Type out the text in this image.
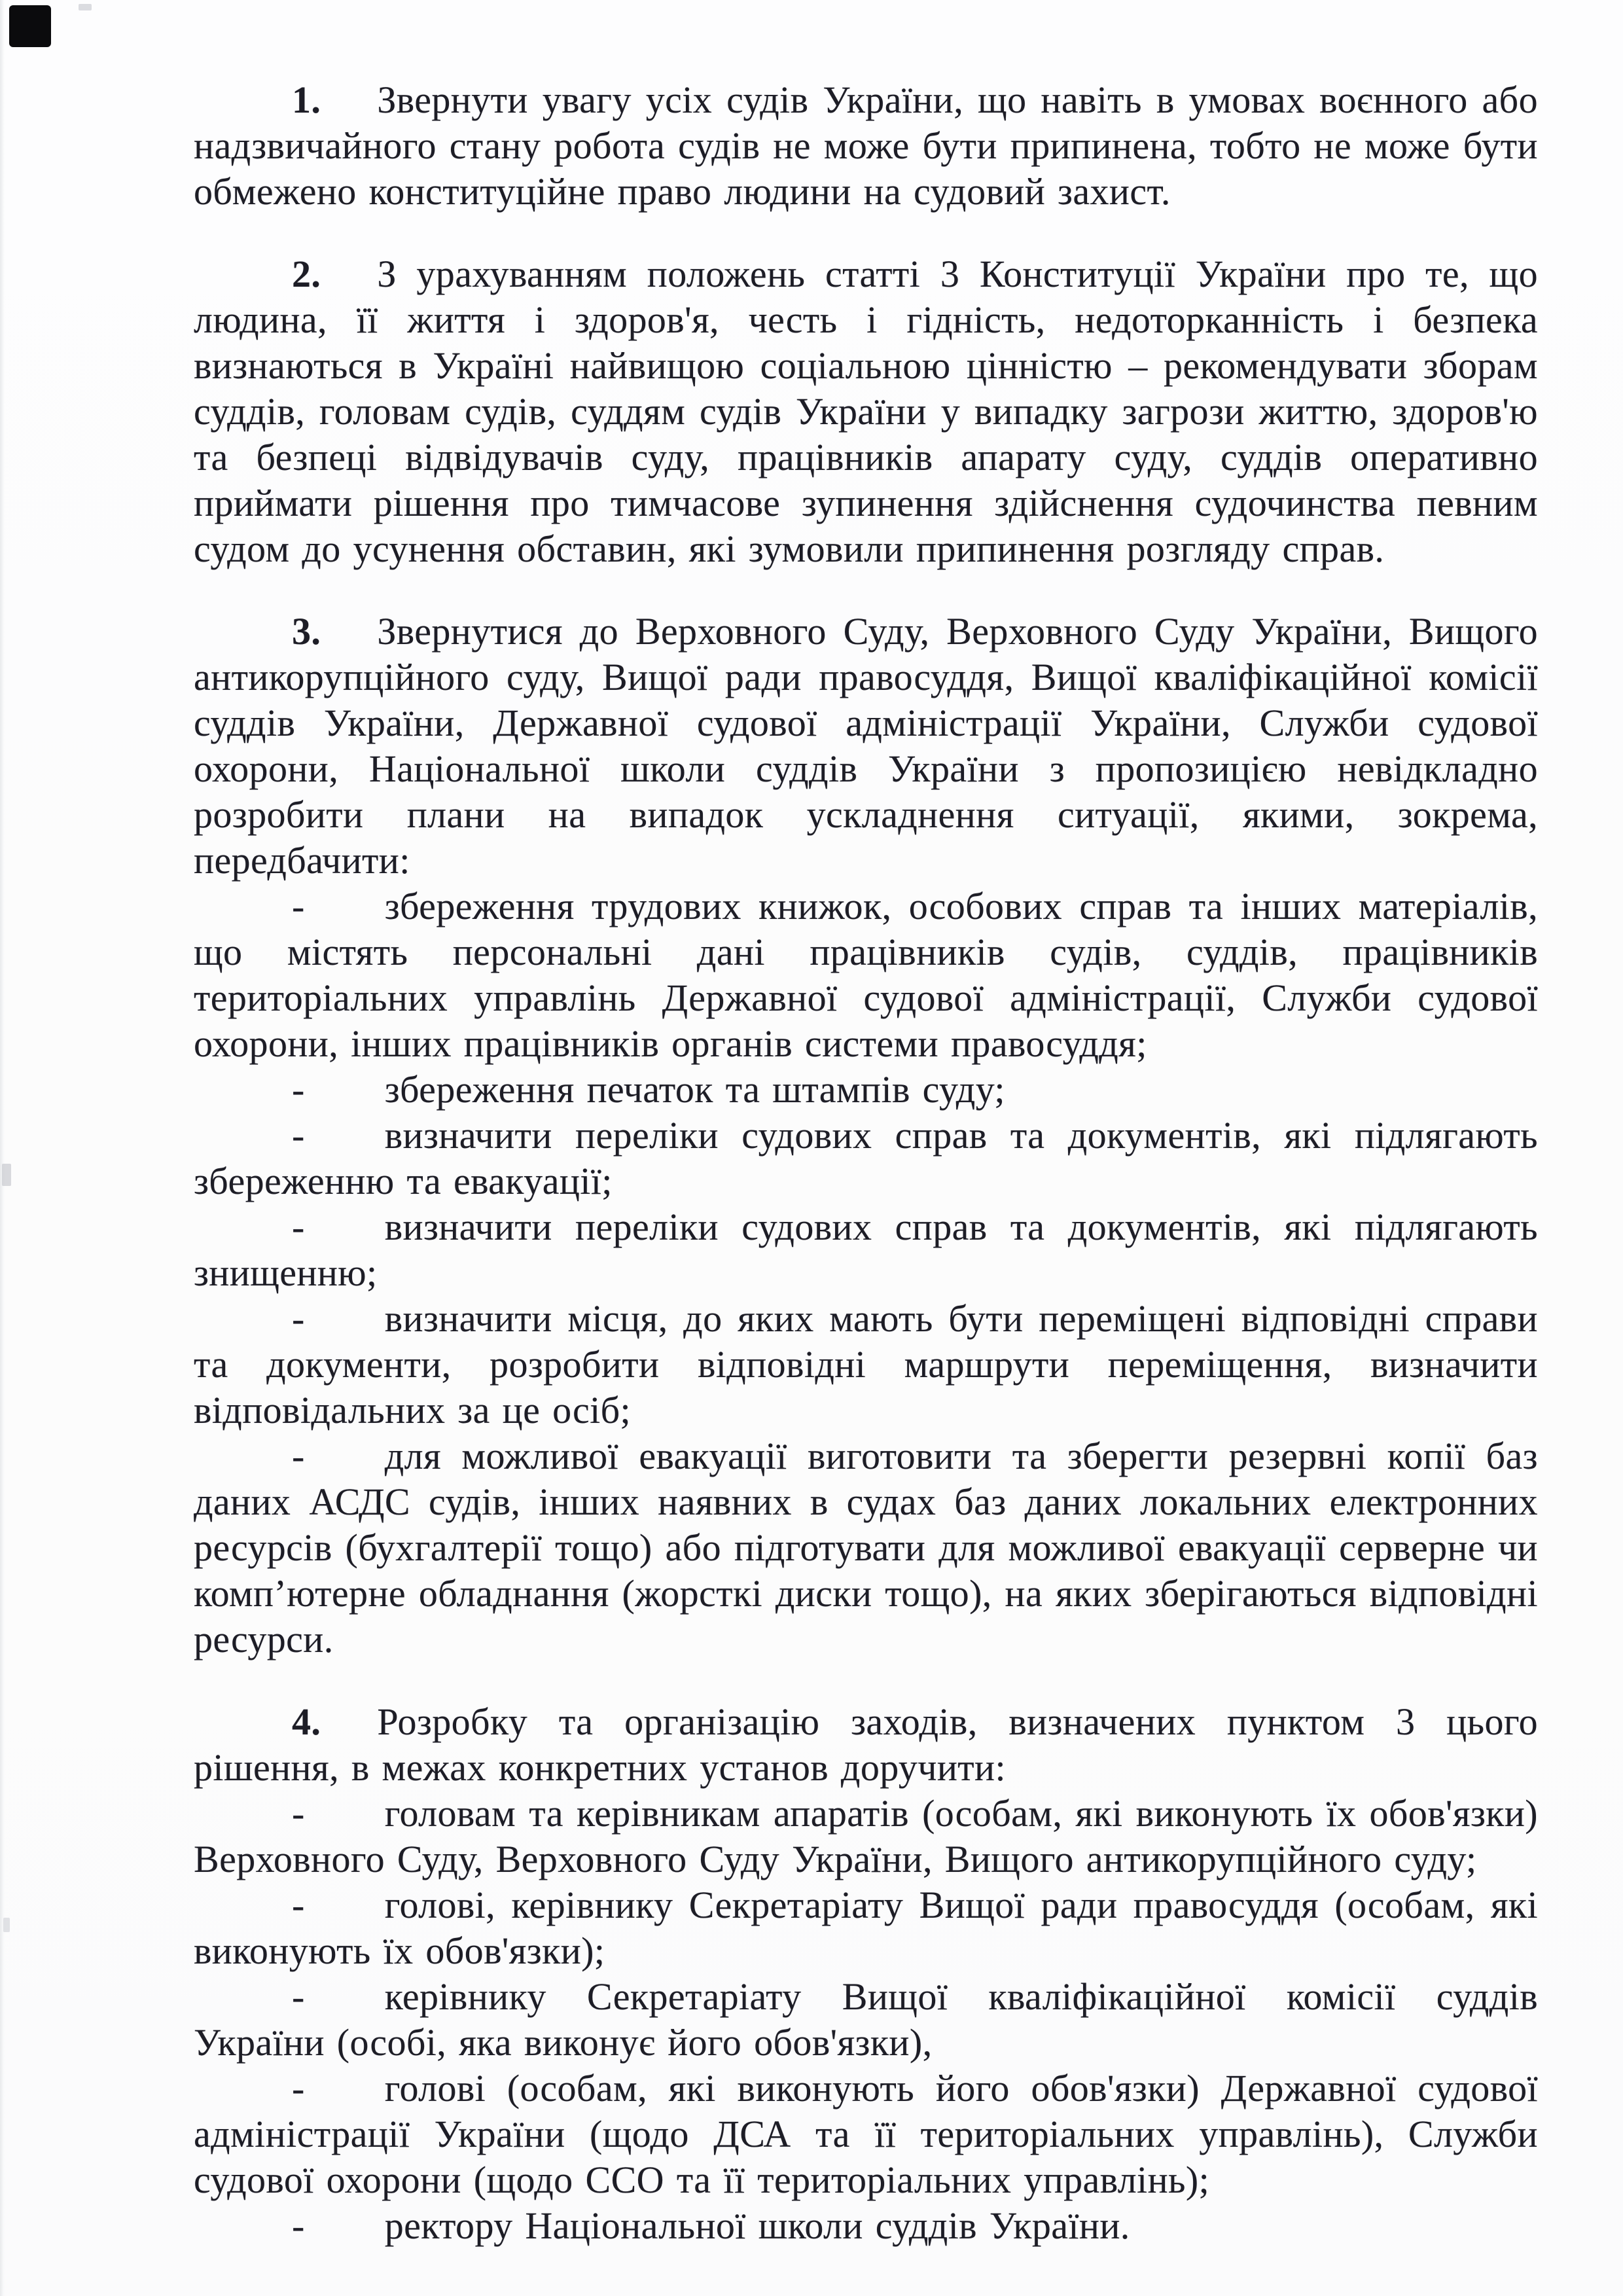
1. Звернути увагу усіх судів України, що навіть в умовах воєнного або надзвичайного стану робота судів не може бути припинена, тобто не може бути обмежено конституційне право людини на судовий захист.

2. З урахуванням положень статті 3 Конституції України про те, що людина, її життя і здоров'я, честь і гідність, недоторканність і безпека визнаються в Україні найвищою соціальною цінністю – рекомендувати зборам суддів, головам судів, суддям судів України у випадку загрози життю, здоров'ю та безпеці відвідувачів суду, працівників апарату суду, суддів оперативно приймати рішення про тимчасове зупинення здійснення судочинства певним судом до усунення обставин, які зумовили припинення розгляду справ.

3. Звернутися до Верховного Суду, Верховного Суду України, Вищого антикорупційного суду, Вищої ради правосуддя, Вищої кваліфікаційної комісії суддів України, Державної судової адміністрації України, Служби судової охорони, Національної школи суддів України з пропозицією невідкладно розробити плани на випадок ускладнення ситуації, якими, зокрема, передбачити:

- збереження трудових книжок, особових справ та інших матеріалів, що містять персональні дані працівників судів, суддів, працівників територіальних управлінь Державної судової адміністрації, Служби судової охорони, інших працівників органів системи правосуддя;

- збереження печаток та штампів суду;

- визначити переліки судових справ та документів, які підлягають збереженню та евакуації;

- визначити переліки судових справ та документів, які підлягають знищенню;

- визначити місця, до яких мають бути переміщені відповідні справи та документи, розробити відповідні маршрути переміщення, визначити відповідальних за це осіб;

- для можливої евакуації виготовити та зберегти резервні копії баз даних АСДС судів, інших наявних в судах баз даних локальних електронних ресурсів (бухгалтерії тощо) або підготувати для можливої евакуації серверне чи комп’ютерне обладнання (жорсткі диски тощо), на яких зберігаються відповідні ресурси.

4. Розробку та організацію заходів, визначених пунктом 3 цього рішення, в межах конкретних установ доручити:

- головам та керівникам апаратів (особам, які виконують їх обов'язки) Верховного Суду, Верховного Суду України, Вищого антикорупційного суду;

- голові, керівнику Секретаріату Вищої ради правосуддя (особам, які виконують їх обов'язки);

- керівнику Секретаріату Вищої кваліфікаційної комісії суддів України (особі, яка виконує його обов'язки),

- голові (особам, які виконують його обов'язки) Державної судової адміністрації України (щодо ДСА та її територіальних управлінь), Служби судової охорони (щодо ССО та її територіальних управлінь);

- ректору Національної школи суддів України.
